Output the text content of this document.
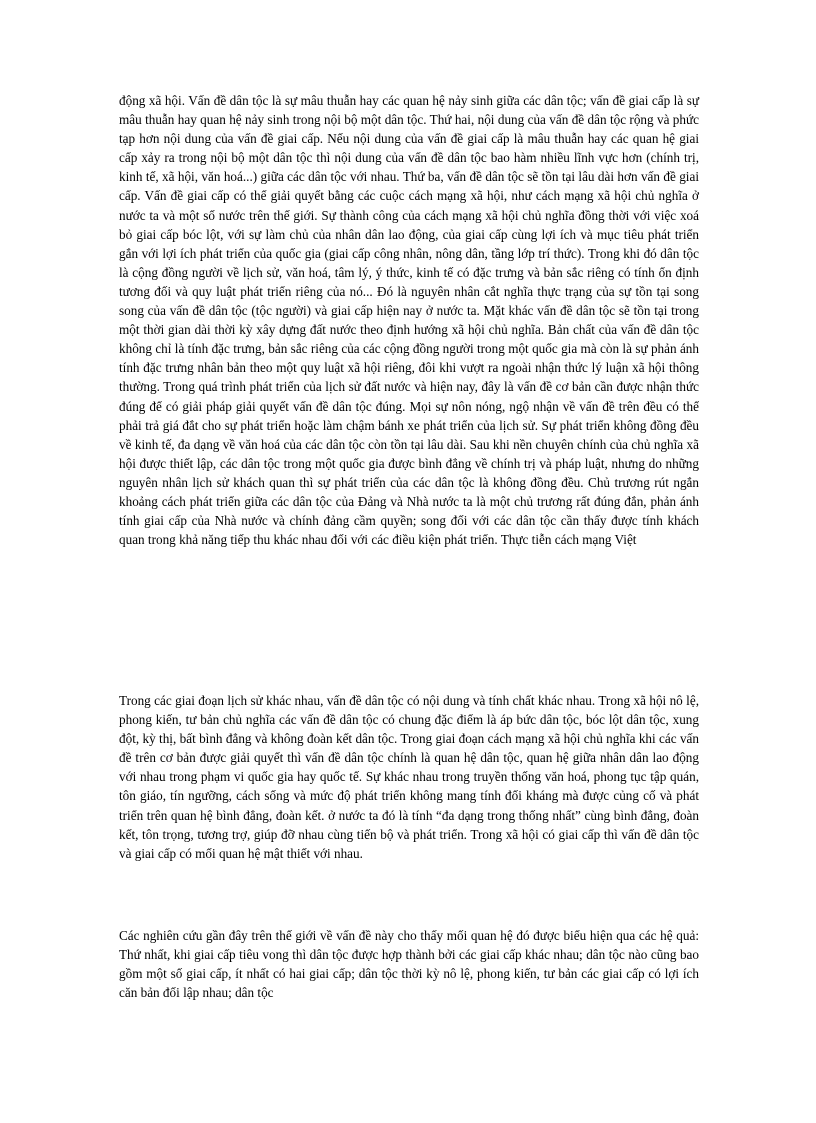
động xã hội. Vấn đề dân tộc là sự mâu thuẫn hay các quan hệ nảy sinh giữa các dân tộc; vấn đề giai cấp là sự mâu thuẫn hay quan hệ nảy sinh trong nội bộ một dân tộc. Thứ hai, nội dung của vấn đề dân tộc rộng và phức tạp hơn nội dung của vấn đề giai cấp. Nếu nội dung của vấn đề giai cấp là mâu thuẫn hay các quan hệ giai cấp xảy ra trong nội bộ một dân tộc thì nội dung của vấn đề dân tộc bao hàm nhiều lĩnh vực hơn (chính trị, kinh tế, xã hội, văn hoá...) giữa các dân tộc với nhau. Thứ ba, vấn đề dân tộc sẽ tồn tại lâu dài hơn vấn đề giai cấp. Vấn đề giai cấp có thể giải quyết bằng các cuộc cách mạng xã hội, như cách mạng xã hội chủ nghĩa ở nước ta và một số nước trên thế giới. Sự thành công của cách mạng xã hội chủ nghĩa đồng thời với việc xoá bỏ giai cấp bóc lột, với sự làm chủ của nhân dân lao động, của giai cấp cùng lợi ích và mục tiêu phát triển gắn với lợi ích phát triển của quốc gia (giai cấp công nhân, nông dân, tầng lớp trí thức). Trong khi đó dân tộc là cộng đồng người về lịch sử, văn hoá, tâm lý, ý thức, kinh tế có đặc trưng và bản sắc riêng có tính ổn định tương đối và quy luật phát triển riêng của nó... Đó là nguyên nhân cắt nghĩa thực trạng của sự tồn tại song song của vấn đề dân tộc (tộc người) và giai cấp hiện nay ở nước ta. Mặt khác vấn đề dân tộc sẽ tồn tại trong một thời gian dài thời kỳ xây dựng đất nước theo định hướng xã hội chủ nghĩa. Bản chất của vấn đề dân tộc không chỉ là tính đặc trưng, bản sắc riêng của các cộng đồng người trong một quốc gia mà còn là sự phản ánh tính đặc trưng nhân bản theo một quy luật xã hội riêng, đôi khi vượt ra ngoài nhận thức lý luận xã hội thông thường. Trong quá trình phát triển của lịch sử đất nước và hiện nay, đây là vấn đề cơ bản cần được nhận thức đúng để có giải pháp giải quyết vấn đề dân tộc đúng. Mọi sự nôn nóng, ngộ nhận về vấn đề trên đều có thể phải trả giá đắt cho sự phát triển hoặc làm chậm bánh xe phát triển của lịch sử. Sự phát triển không đồng đều về kinh tế, đa dạng về văn hoá của các dân tộc còn tồn tại lâu dài. Sau khi nền chuyên chính của chủ nghĩa xã hội được thiết lập, các dân tộc trong một quốc gia được bình đẳng về chính trị và pháp luật, nhưng do những nguyên nhân lịch sử khách quan thì sự phát triển của các dân tộc là không đồng đều. Chủ trương rút ngắn khoảng cách phát triển giữa các dân tộc của Đảng và Nhà nước ta là một chủ trương rất đúng đắn, phản ánh tính giai cấp của Nhà nước và chính đảng cầm quyền; song đối với các dân tộc cần thấy được tính khách quan trong khả năng tiếp thu khác nhau đối với các điều kiện phát triển. Thực tiễn cách mạng Việt

Trong các giai đoạn lịch sử khác nhau, vấn đề dân tộc có nội dung và tính chất khác nhau. Trong xã hội nô lệ, phong kiến, tư bản chủ nghĩa các vấn đề dân tộc có chung đặc điểm là áp bức dân tộc, bóc lột dân tộc, xung đột, kỳ thị, bất bình đẳng và không đoàn kết dân tộc. Trong giai đoạn cách mạng xã hội chủ nghĩa khi các vấn đề trên cơ bản được giải quyết thì vấn đề dân tộc chính là quan hệ dân tộc, quan hệ giữa nhân dân lao động với nhau trong phạm vi quốc gia hay quốc tế. Sự khác nhau trong truyền thống văn hoá, phong tục tập quán, tôn giáo, tín ngưỡng, cách sống và mức độ phát triển không mang tính đối kháng mà được củng cố và phát triển trên quan hệ bình đẳng, đoàn kết. ở nước ta đó là tính “đa dạng trong thống nhất” cùng bình đẳng, đoàn kết, tôn trọng, tương trợ, giúp đỡ nhau cùng tiến bộ và phát triển. Trong xã hội có giai cấp thì vấn đề dân tộc và giai cấp có mối quan hệ mật thiết với nhau.

Các nghiên cứu gần đây trên thế giới về vấn đề này cho thấy mối quan hệ đó được biểu hiện qua các hệ quả: Thứ nhất, khi giai cấp tiêu vong thì dân tộc được hợp thành bởi các giai cấp khác nhau; dân tộc nào cũng bao gồm một số giai cấp, ít nhất có hai giai cấp; dân tộc thời kỳ nô lệ, phong kiến, tư bản các giai cấp có lợi ích căn bản đối lập nhau; dân tộc
